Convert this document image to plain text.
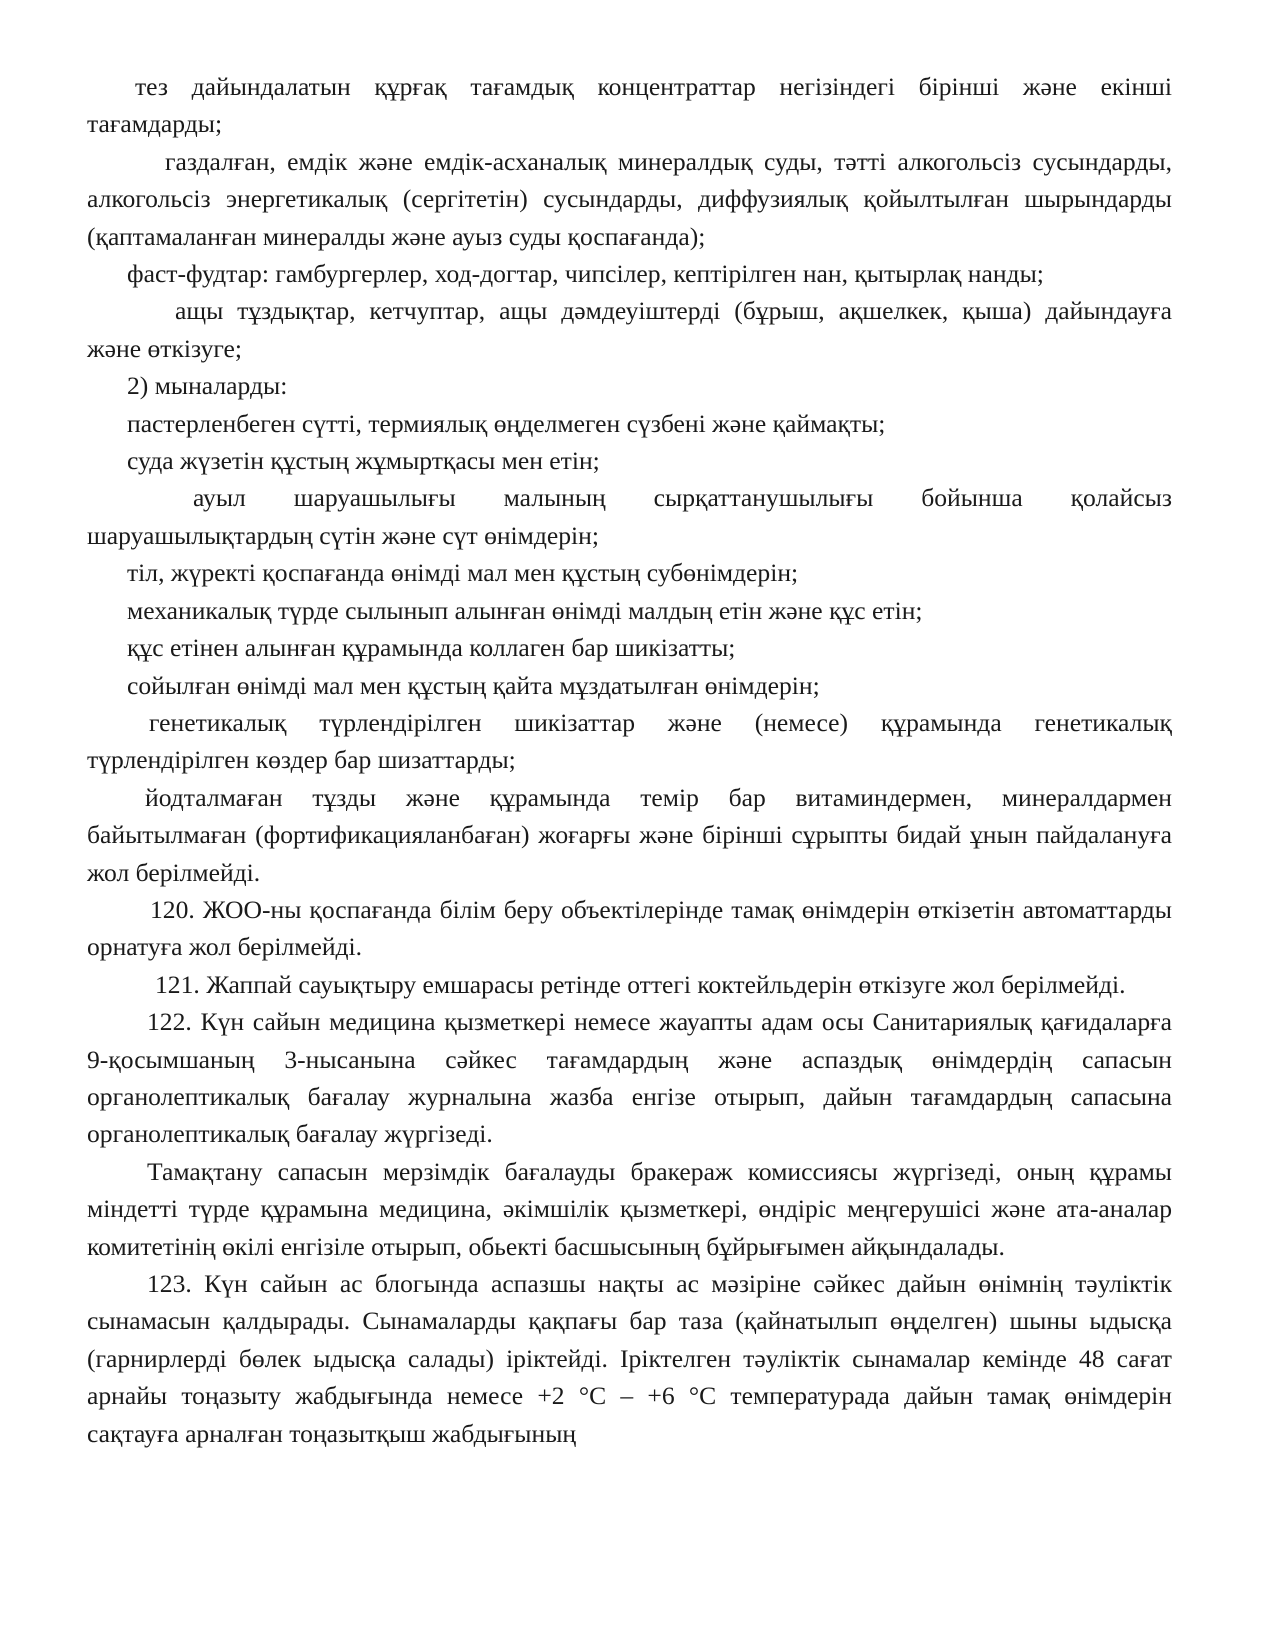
тез дайындалатын құрғақ тағамдық концентраттар негізіндегі бірінші және екінші тағамдарды;

газдалған, емдік және емдік-асханалық минералдық суды, тәтті алкогольсіз сусындарды, алкогольсіз энергетикалық (сергітетін) сусындарды, диффузиялық қойылтылған шырындарды (қаптамаланған минералды және ауыз суды қоспағанда);

фаст-фудтар: гамбургерлер, ход-догтар, чипсілер, кептірілген нан, қытырлақ нанды;

ащы тұздықтар, кетчуптар, ащы дәмдеуіштерді (бұрыш, ақшелкек, қыша) дайындауға және өткізуге;

2) мыналарды:

пастерленбеген сүтті, термиялық өңделмеген сүзбені және қаймақты;

суда жүзетін құстың жұмыртқасы мен етін;

ауыл шаруашылығы малының сырқаттанушылығы бойынша қолайсыз шаруашылықтардың сүтін және сүт өнімдерін;

тіл, жүректі қоспағанда өнімді мал мен құстың субөнімдерін;

механикалық түрде сылынып алынған өнімді малдың етін және құс етін;

құс етінен алынған құрамында коллаген бар шикізатты;

сойылған өнімді мал мен құстың қайта мұздатылған өнімдерін;

генетикалық түрлендірілген шикізаттар және (немесе) құрамында генетикалық түрлендірілген көздер бар шизаттарды;

йодталмаған тұзды және құрамында темір бар витаминдермен, минералдармен байытылмаған (фортификацияланбаған) жоғарғы және бірінші сұрыпты бидай ұнын пайдалануға жол берілмейді.

120. ЖОО-ны қоспағанда білім беру объектілерінде тамақ өнімдерін өткізетін автоматтарды орнатуға жол берілмейді.

121. Жаппай сауықтыру емшарасы ретінде оттегі коктейльдерін өткізуге жол берілмейді.

122. Күн сайын медицина қызметкері немесе жауапты адам осы Санитариялық қағидаларға 9-қосымшаның 3-нысанына сәйкес тағамдардың және аспаздық өнімдердің сапасын органолептикалық бағалау журналына жазба енгізе отырып, дайын тағамдардың сапасына органолептикалық бағалау жүргізеді.

Тамақтану сапасын мерзімдік бағалауды бракераж комиссиясы жүргізеді, оның құрамы міндетті түрде құрамына медицина, әкімшілік қызметкері, өндіріс меңгерушісі және ата-аналар комитетінің өкілі енгізіле отырып, обьекті басшысының бұйрығымен айқындалады.

123. Күн сайын ас блогында аспазшы нақты ас мәзіріне сәйкес дайын өнімнің тәуліктік сынамасын қалдырады. Сынамаларды қақпағы бар таза (қайнатылып өңделген) шыны ыдысқа (гарнирлерді бөлек ыдысқа салады) іріктейді. Іріктелген тәуліктік сынамалар кемінде 48 сағат арнайы тоңазыту жабдығында немесе +2 °С – +6 °С температурада дайын тамақ өнімдерін сақтауға арналған тоңазытқыш жабдығының
